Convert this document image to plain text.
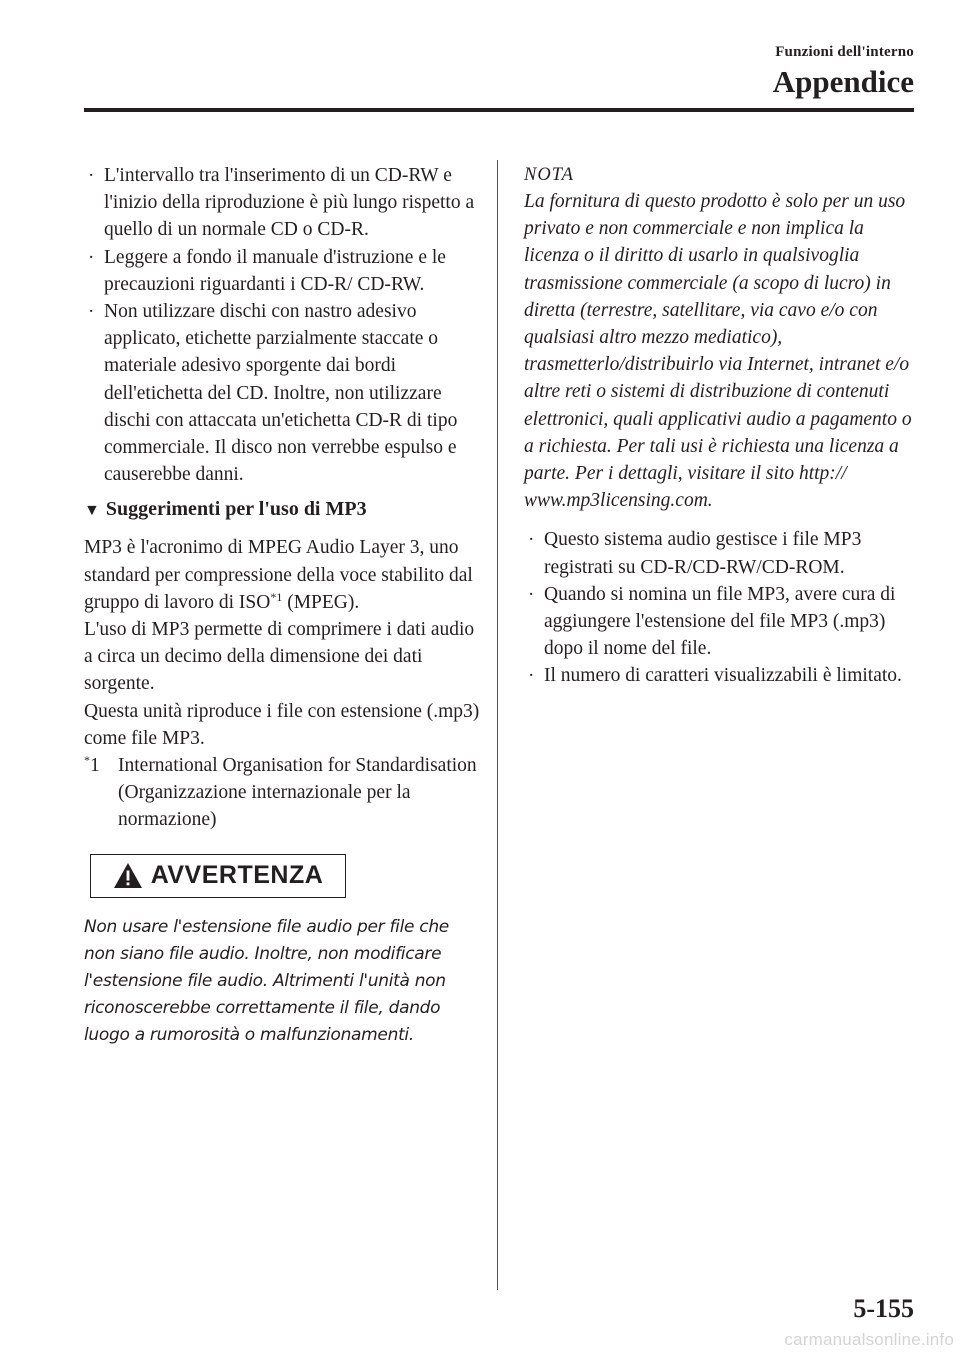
Funzioni dell'interno
Appendice
· L'intervallo tra l'inserimento di un CD-RW e l'inizio della riproduzione è più lungo rispetto a quello di un normale CD o CD-R.
· Leggere a fondo il manuale d'istruzione e le precauzioni riguardanti i CD-R/ CD-RW.
· Non utilizzare dischi con nastro adesivo applicato, etichette parzialmente staccate o materiale adesivo sporgente dai bordi dell'etichetta del CD. Inoltre, non utilizzare dischi con attaccata un'etichetta CD-R di tipo commerciale. Il disco non verrebbe espulso e causerebbe danni.
▼ Suggerimenti per l'uso di MP3
MP3 è l'acronimo di MPEG Audio Layer 3, uno standard per compressione della voce stabilito dal gruppo di lavoro di ISO$^{*1}$ (MPEG).
L'uso di MP3 permette di comprimere i dati audio a circa un decimo della dimensione dei dati sorgente.
Questa unità riproduce i file con estensione (.mp3) come file MP3.
*1 International Organisation for Standardisation (Organizzazione internazionale per la normazione)
AVVERTENZA
Non usare l'estensione file audio per file che non siano file audio. Inoltre, non modificare l'estensione file audio. Altrimenti l'unità non riconoscerebbe correttamente il file, dando luogo a rumorosità o malfunzionamenti.
NOTA
La fornitura di questo prodotto è solo per un uso privato e non commerciale e non implica la licenza o il diritto di usarlo in qualsivoglia trasmissione commerciale (a scopo di lucro) in diretta (terrestre, satellitare, via cavo e/o con qualsiasi altro mezzo mediatico), trasmetterlo/distribuirlo via Internet, intranet e/o altre reti o sistemi di distribuzione di contenuti elettronici, quali applicativi audio a pagamento o a richiesta. Per tali usi è richiesta una licenza a parte. Per i dettagli, visitare il sito http:// www.mp3licensing.com.
· Questo sistema audio gestisce i file MP3 registrati su CD-R/CD-RW/CD-ROM.
· Quando si nomina un file MP3, avere cura di aggiungere l'estensione del file MP3 (.mp3) dopo il nome del file.
· Il numero di caratteri visualizzabili è limitato.
5-155
carmanualsonline.info
